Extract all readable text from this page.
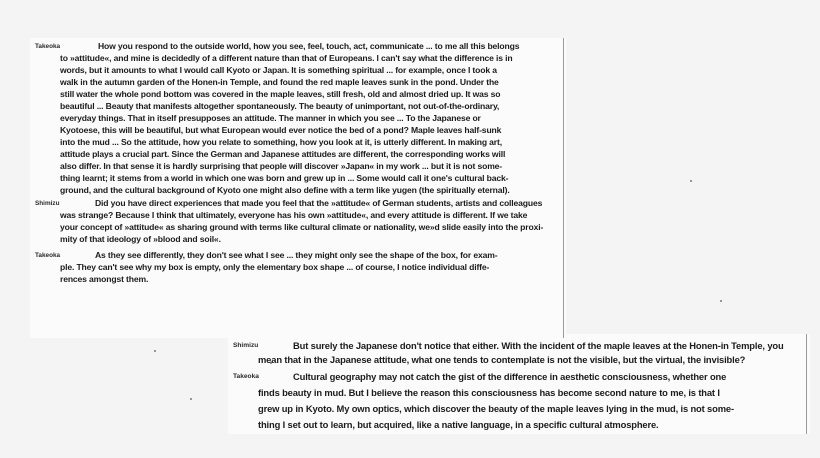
Takeoka	How you respond to the outside world, how you see, feel, touch, act, communicate ... to me all this belongs
to »attitude«, and mine is decidedly of a different nature than that of Europeans. I can't say what the difference is in
words, but it amounts to what I would call Kyoto or Japan. It is something spiritual ... for example, once I took a
walk in the autumn garden of the Honen-in Temple, and found the red maple leaves sunk in the pond. Under the
still water the whole pond bottom was covered in the maple leaves, still fresh, old and almost dried up. It was so
beautiful ... Beauty that manifests altogether spontaneously. The beauty of unimportant, not out-of-the-ordinary,
everyday things. That in itself presupposes an attitude. The manner in which you see ... To the Japanese or
Kyotoese, this will be beautiful, but what European would ever notice the bed of a pond? Maple leaves half-sunk
into the mud ... So the attitude, how you relate to something, how you look at it, is utterly different. In making art,
attitude plays a crucial part. Since the German and Japanese attitudes are different, the corresponding works will
also differ. In that sense it is hardly surprising that people will discover »Japan« in my work ... but it is not some-
thing learnt; it stems from a world in which one was born and grew up in ... Some would call it one's cultural back-
ground, and the cultural background of Kyoto one might also define with a term like yugen (the spiritually eternal).
Shimizu	Did you have direct experiences that made you feel that the »attitude« of German students, artists and colleagues
was strange? Because I think that ultimately, everyone has his own »attitude«, and every attitude is different. If we take
your concept of »attitude« as sharing ground with terms like cultural climate or nationality, we»d slide easily into the proxi-
mity of that ideology of »blood and soil«.
Takeoka	As they see differently, they don't see what I see ... they might only see the shape of the box, for exam-
ple. They can't see why my box is empty, only the elementary box shape ... of course, I notice individual diffe-
rences amongst them.
Shimizu	But surely the Japanese don't notice that either. With the incident of the maple leaves at the Honen-in Temple, you
mean that in the Japanese attitude, what one tends to contemplate is not the visible, but the virtual, the invisible?
Takeoka	Cultural geography may not catch the gist of the difference in aesthetic consciousness, whether one
finds beauty in mud. But I believe the reason this consciousness has become second nature to me, is that I
grew up in Kyoto. My own optics, which discover the beauty of the maple leaves lying in the mud, is not some-
thing I set out to learn, but acquired, like a native language, in a specific cultural atmosphere.
